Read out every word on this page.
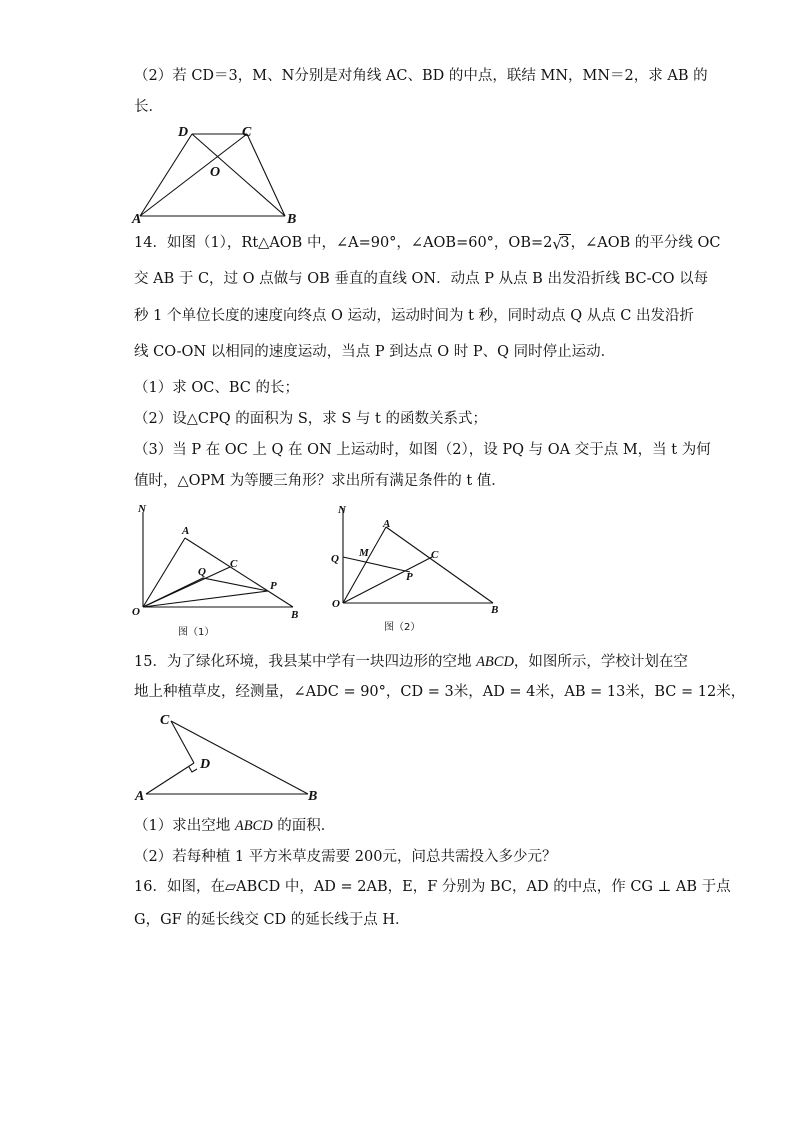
（2）若 CD＝3，M、N分别是对角线 AC、BD 的中点，联结 MN，MN＝2，求 AB 的
长．
D	C
O
A	B
14．如图（1），Rt△AOB 中，∠A=90°，∠AOB=60°，OB=2 √
3，∠AOB 的平分线 OC
交 AB 于 C，过 O 点做与 OB 垂直的直线 ON．动点 P 从点 B 出发沿折线 BC-CO 以每
秒 1 个单位长度的速度向终点 O 运动，运动时间为 t 秒，同时动点 Q 从点 C 出发沿折
线 CO-ON 以相同的速度运动，当点 P 到达点 O 时 P、Q 同时停止运动．
（1）求 OC、BC 的长；
（2）设△CPQ 的面积为 S，求 S 与 t 的函数关系式；
（3）当 P 在 OC 上 Q 在 ON 上运动时，如图（2），设 PQ 与 OA 交于点 M，当 t 为何
值时，△OPM 为等腰三角形？求出所有满足条件的 t 值．
N
A
C
Q
P
O	B
图（1）
N
A
M	C
Q
P
O	B
图（2）
15．为了绿化环境，我县某中学有一块四边形的空地 ABCD，如图所示，学校计划在空
地上种植草皮，经测量，∠ADC = 90°，CD = 3米，AD = 4米，AB = 13米，BC = 12米，
C
D
A	B
（1）求出空地 ABCD 的面积．
（2）若每种植 1 平方米草皮需要 200元，问总共需投入多少元？
16．如图，在▱ABCD 中，AD = 2AB，E，F 分别为 BC，AD 的中点，作 CG ⊥ AB 于点
G，GF 的延长线交 CD 的延长线于点 H．
